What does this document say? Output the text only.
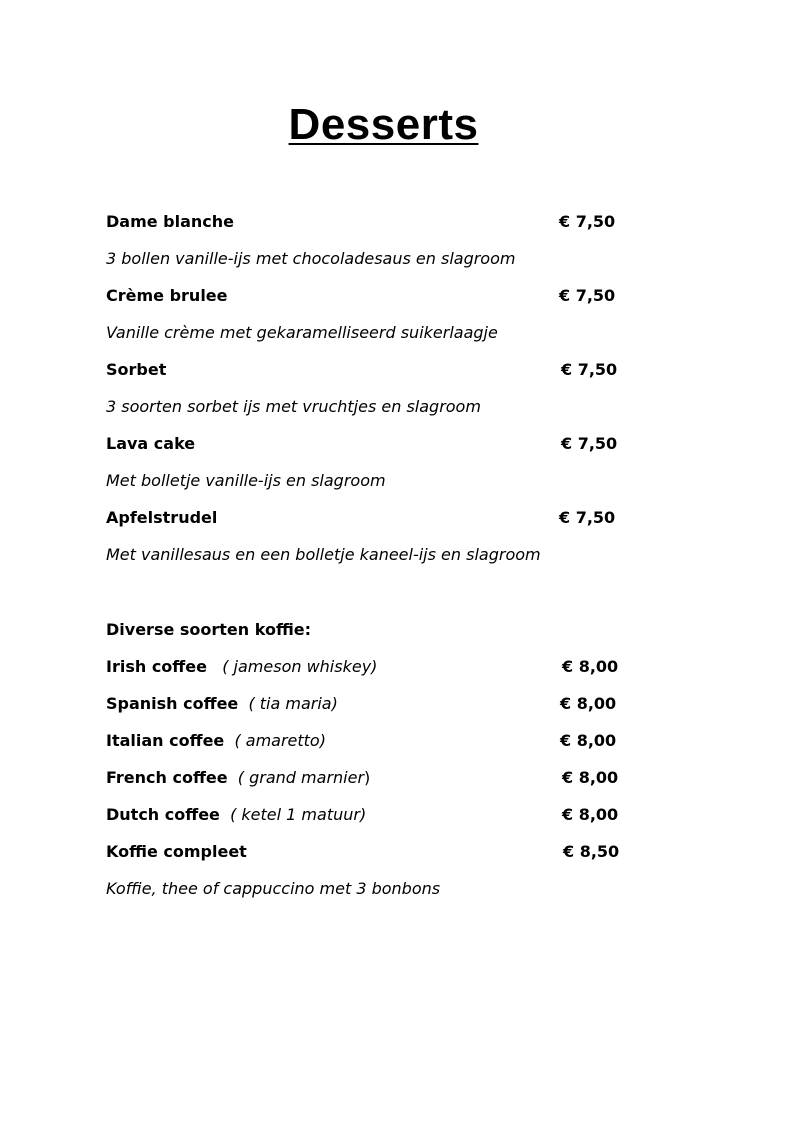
Desserts
Dame blanche	€ 7,50
3 bollen vanille-ijs met chocoladesaus en slagroom
Crème brulee	€ 7,50
Vanille crème met gekaramelliseerd suikerlaagje
Sorbet	€ 7,50
3 soorten sorbet ijs met vruchtjes en slagroom
Lava cake	€ 7,50
Met bolletje vanille-ijs en slagroom
Apfelstrudel	€ 7,50
Met vanillesaus en een bolletje kaneel-ijs en slagroom
Diverse soorten koffie:
Irish coffee ( jameson whiskey)	€ 8,00
Spanish coffee ( tia maria)	€ 8,00
Italian coffee ( amaretto)	€ 8,00
French coffee ( grand marnier)	€ 8,00
Dutch coffee ( ketel 1 matuur)	€ 8,00
Koffie compleet	€ 8,50
Koffie, thee of cappuccino met 3 bonbons
